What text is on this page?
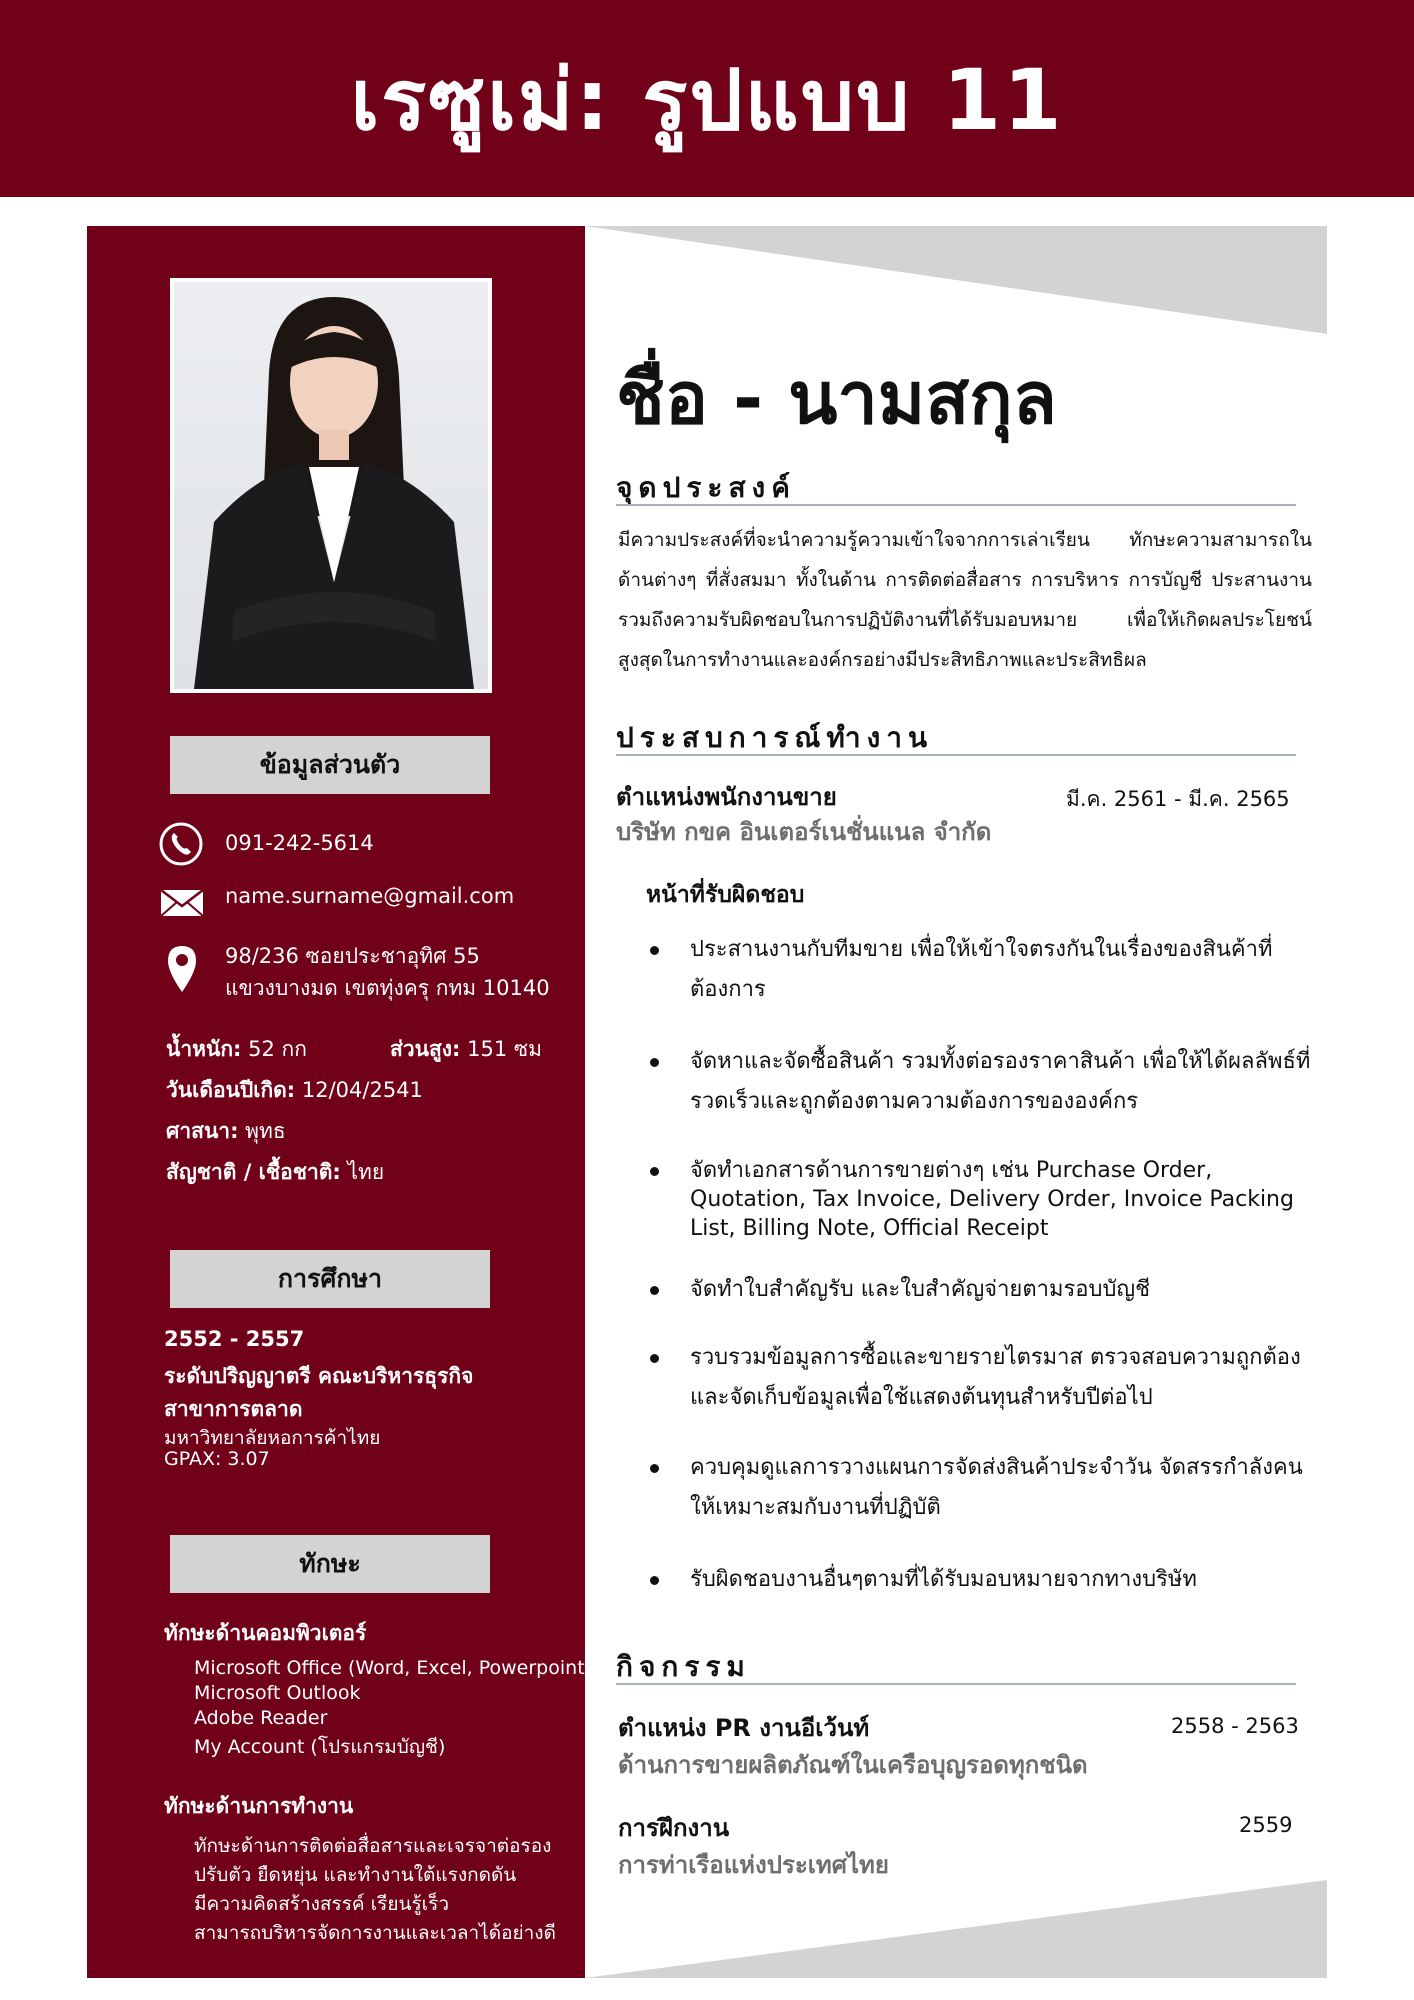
เรซูเม่: รูปแบบ 11
ข้อมูลส่วนตัว
091-242-5614
name.surname@gmail.com
98/236 ซอยประชาอุทิศ 55
แขวงบางมด เขตทุ่งครุ กทม 10140
น้ำหนัก: 52 กก	ส่วนสูง: 151 ซม
วันเดือนปีเกิด: 12/04/2541
ศาสนา: พุทธ
สัญชาติ / เชื้อชาติ: ไทย
การศึกษา
2552 - 2557
ระดับปริญญาตรี คณะบริหารธุรกิจ
สาขาการตลาด
มหาวิทยาลัยหอการค้าไทย
GPAX: 3.07
ทักษะ
ทักษะด้านคอมพิวเตอร์
Microsoft Office (Word, Excel, Powerpoint)
Microsoft Outlook
Adobe Reader
My Account (โปรแกรมบัญชี)
ทักษะด้านการทำงาน
ทักษะด้านการติดต่อสื่อสารและเจรจาต่อรอง
ปรับตัว ยืดหยุ่น และทำงานใต้แรงกดดัน
มีความคิดสร้างสรรค์ เรียนรู้เร็ว
สามารถบริหารจัดการงานและเวลาได้อย่างดี
ชื่อ - นามสกุล
จุดประสงค์
มีความประสงค์ที่จะนำความรู้ความเข้าใจจากการเล่าเรียน ทักษะความสามารถในด้านต่างๆ ที่สั่งสมมา ทั้งในด้าน การติดต่อสื่อสาร การบริหาร การบัญชี ประสานงาน รวมถึงความรับผิดชอบในการปฏิบัติงานที่ได้รับมอบหมาย เพื่อให้เกิดผลประโยชน์สูงสุดในการทำงานและองค์กรอย่างมีประสิทธิภาพและประสิทธิผล
ประสบการณ์ทำงาน
ตำแหน่งพนักงานขาย	มี.ค. 2561 - มี.ค. 2565
บริษัท กขค อินเตอร์เนชั่นแนล จำกัด
หน้าที่รับผิดชอบ
ประสานงานกับทีมขาย เพื่อให้เข้าใจตรงกันในเรื่องของสินค้าที่ต้องการ
จัดหาและจัดซื้อสินค้า รวมทั้งต่อรองราคาสินค้า เพื่อให้ได้ผลลัพธ์ที่รวดเร็วและถูกต้องตามความต้องการขององค์กร
จัดทำเอกสารด้านการขายต่างๆ เช่น Purchase Order, Quotation, Tax Invoice, Delivery Order, Invoice Packing List, Billing Note, Official Receipt
จัดทำใบสำคัญรับ และใบสำคัญจ่ายตามรอบบัญชี
รวบรวมข้อมูลการซื้อและขายรายไตรมาส ตรวจสอบความถูกต้อง และจัดเก็บข้อมูลเพื่อใช้แสดงต้นทุนสำหรับปีต่อไป
ควบคุมดูแลการวางแผนการจัดส่งสินค้าประจำวัน จัดสรรกำลังคนให้เหมาะสมกับงานที่ปฏิบัติ
รับผิดชอบงานอื่นๆตามที่ได้รับมอบหมายจากทางบริษัท
กิจกรรม
ตำแหน่ง PR งานอีเว้นท์	2558 - 2563
ด้านการขายผลิตภัณฑ์ในเครือบุญรอดทุกชนิด
การฝึกงาน	2559
การท่าเรือแห่งประเทศไทย
